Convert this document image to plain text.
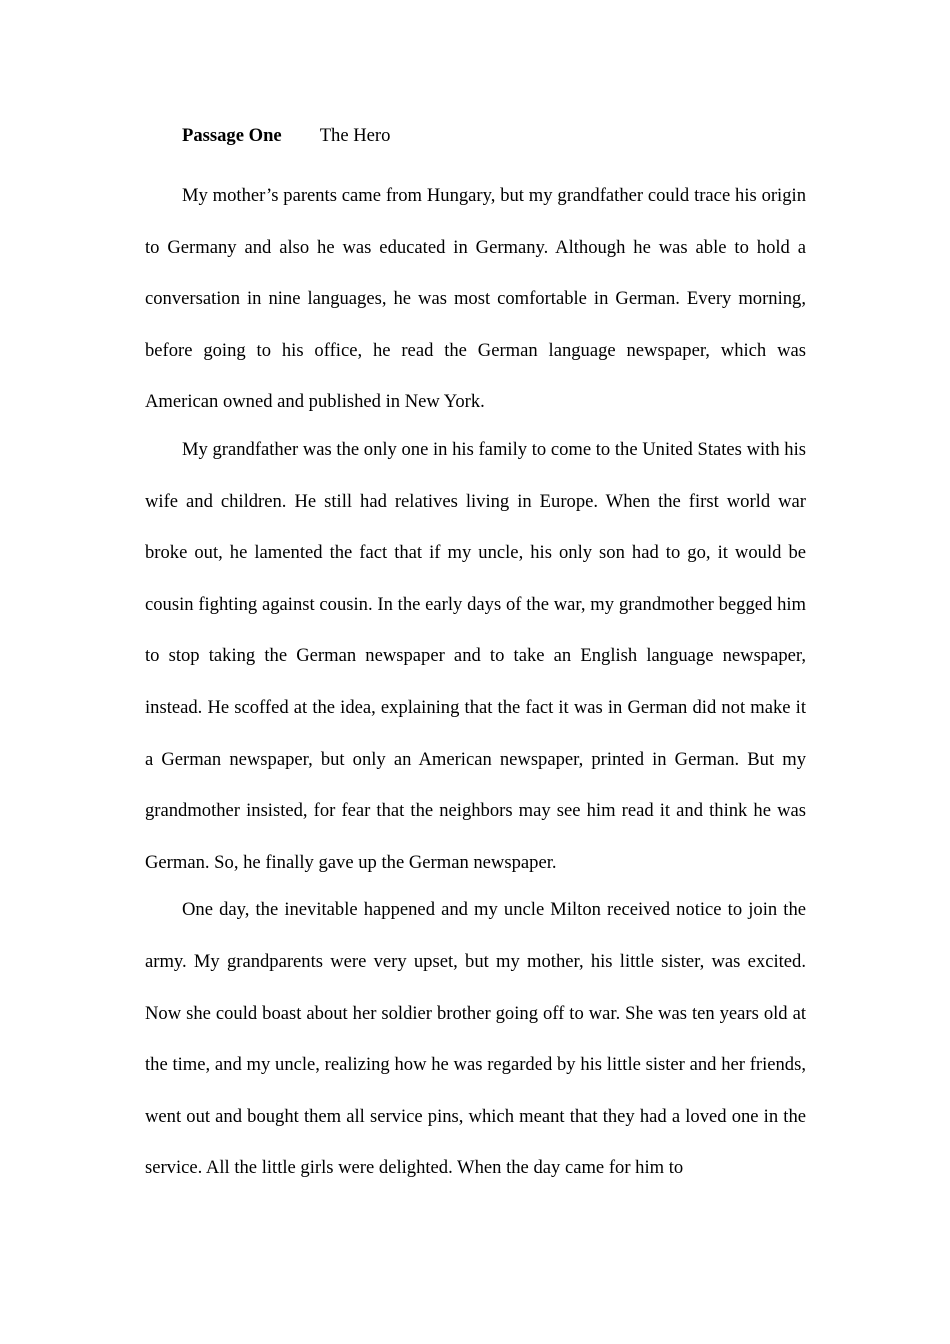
Passage One The Hero

My mother’s parents came from Hungary, but my grandfather could trace his origin to Germany and also he was educated in Germany. Although he was able to hold a conversation in nine languages, he was most comfortable in German. Every morning, before going to his office, he read the German language newspaper, which was American owned and published in New York.

My grandfather was the only one in his family to come to the United States with his wife and children. He still had relatives living in Europe. When the first world war broke out, he lamented the fact that if my uncle, his only son had to go, it would be cousin fighting against cousin. In the early days of the war, my grandmother begged him to stop taking the German newspaper and to take an English language newspaper, instead. He scoffed at the idea, explaining that the fact it was in German did not make it a German newspaper, but only an American newspaper, printed in German. But my grandmother insisted, for fear that the neighbors may see him read it and think he was German. So, he finally gave up the German newspaper.

One day, the inevitable happened and my uncle Milton received notice to join the army. My grandparents were very upset, but my mother, his little sister, was excited. Now she could boast about her soldier brother going off to war. She was ten years old at the time, and my uncle, realizing how he was regarded by his little sister and her friends, went out and bought them all service pins, which meant that they had a loved one in the service. All the little girls were delighted. When the day came for him to
